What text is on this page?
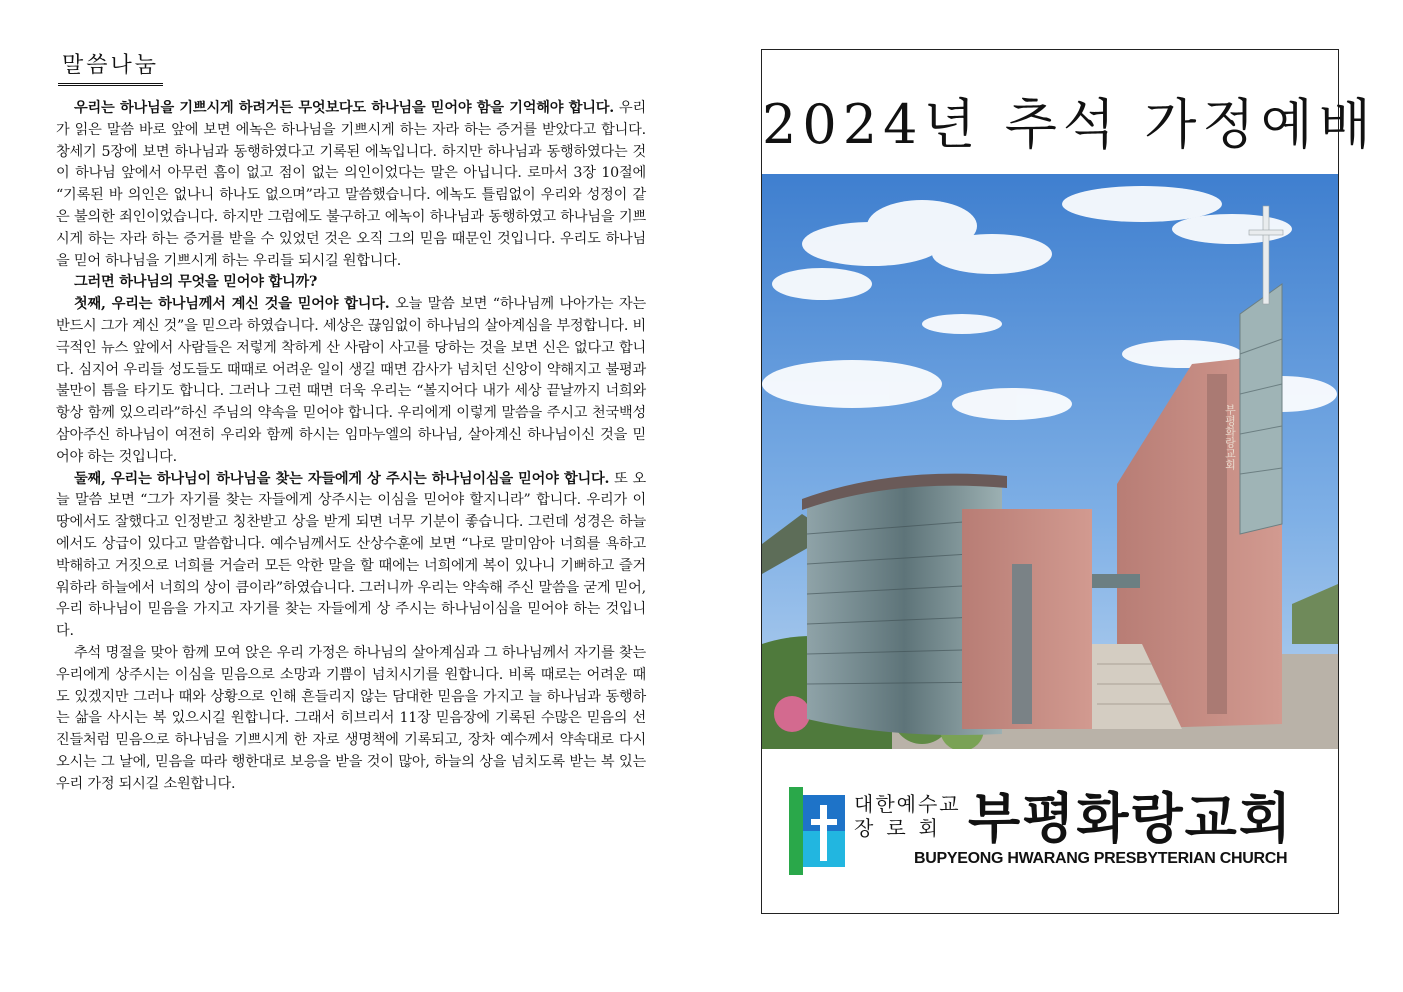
말씀나눔

우리는 하나님을 기쁘시게 하려거든 무엇보다도 하나님을 믿어야 함을 기억해야 합니다. 우리가 읽은 말씀 바로 앞에 보면 에녹은 하나님을 기쁘시게 하는 자라 하는 증거를 받았다고 합니다. 창세기 5장에 보면 하나님과 동행하였다고 기록된 에녹입니다. 하지만 하나님과 동행하였다는 것이 하나님 앞에서 아무런 흠이 없고 점이 없는 의인이었다는 말은 아닙니다. 로마서 3장 10절에 “기록된 바 의인은 없나니 하나도 없으며”라고 말씀했습니다. 에녹도 틀림없이 우리와 성정이 같은 불의한 죄인이었습니다. 하지만 그럼에도 불구하고 에녹이 하나님과 동행하였고 하나님을 기쁘시게 하는 자라 하는 증거를 받을 수 있었던 것은 오직 그의 믿음 때문인 것입니다. 우리도 하나님을 믿어 하나님을 기쁘시게 하는 우리들 되시길 원합니다.

그러면 하나님의 무엇을 믿어야 합니까?

첫째, 우리는 하나님께서 계신 것을 믿어야 합니다. 오늘 말씀 보면 “하나님께 나아가는 자는 반드시 그가 계신 것”을 믿으라 하였습니다. 세상은 끊임없이 하나님의 살아계심을 부정합니다. 비극적인 뉴스 앞에서 사람들은 저렇게 착하게 산 사람이 사고를 당하는 것을 보면 신은 없다고 합니다. 심지어 우리들 성도들도 때때로 어려운 일이 생길 때면 감사가 넘치던 신앙이 약해지고 불평과 불만이 틈을 타기도 합니다. 그러나 그런 때면 더욱 우리는 “볼지어다 내가 세상 끝날까지 너희와 항상 함께 있으리라”하신 주님의 약속을 믿어야 합니다. 우리에게 이렇게 말씀을 주시고 천국백성 삼아주신 하나님이 여전히 우리와 함께 하시는 임마누엘의 하나님, 살아계신 하나님이신 것을 믿어야 하는 것입니다.

둘째, 우리는 하나님이 하나님을 찾는 자들에게 상 주시는 하나님이심을 믿어야 합니다. 또 오늘 말씀 보면 “그가 자기를 찾는 자들에게 상주시는 이심을 믿어야 할지니라” 합니다. 우리가 이 땅에서도 잘했다고 인정받고 칭찬받고 상을 받게 되면 너무 기분이 좋습니다. 그런데 성경은 하늘에서도 상급이 있다고 말씀합니다. 예수님께서도 산상수훈에 보면 “나로 말미암아 너희를 욕하고 박해하고 거짓으로 너희를 거슬러 모든 악한 말을 할 때에는 너희에게 복이 있나니 기뻐하고 즐거워하라 하늘에서 너희의 상이 큼이라”하였습니다. 그러니까 우리는 약속해 주신 말씀을 굳게 믿어, 우리 하나님이 믿음을 가지고 자기를 찾는 자들에게 상 주시는 하나님이심을 믿어야 하는 것입니다.

추석 명절을 맞아 함께 모여 앉은 우리 가정은 하나님의 살아계심과 그 하나님께서 자기를 찾는 우리에게 상주시는 이심을 믿음으로 소망과 기쁨이 넘치시기를 원합니다. 비록 때로는 어려운 때도 있겠지만 그러나 때와 상황으로 인해 흔들리지 않는 담대한 믿음을 가지고 늘 하나님과 동행하는 삶을 사시는 복 있으시길 원합니다. 그래서 히브리서 11장 믿음장에 기록된 수많은 믿음의 선진들처럼 믿음으로 하나님을 기쁘시게 한 자로 생명책에 기록되고, 장차 예수께서 약속대로 다시 오시는 그 날에, 믿음을 따라 행한대로 보응을 받을 것이 많아, 하늘의 상을 넘치도록 받는 복 있는 우리 가정 되시길 소원합니다.

2024년 추석 가정예배
부평화랑교회
대한예수교
장로회 부평화랑교회
BUPYEONG HWARANG PRESBYTERIAN CHURCH
